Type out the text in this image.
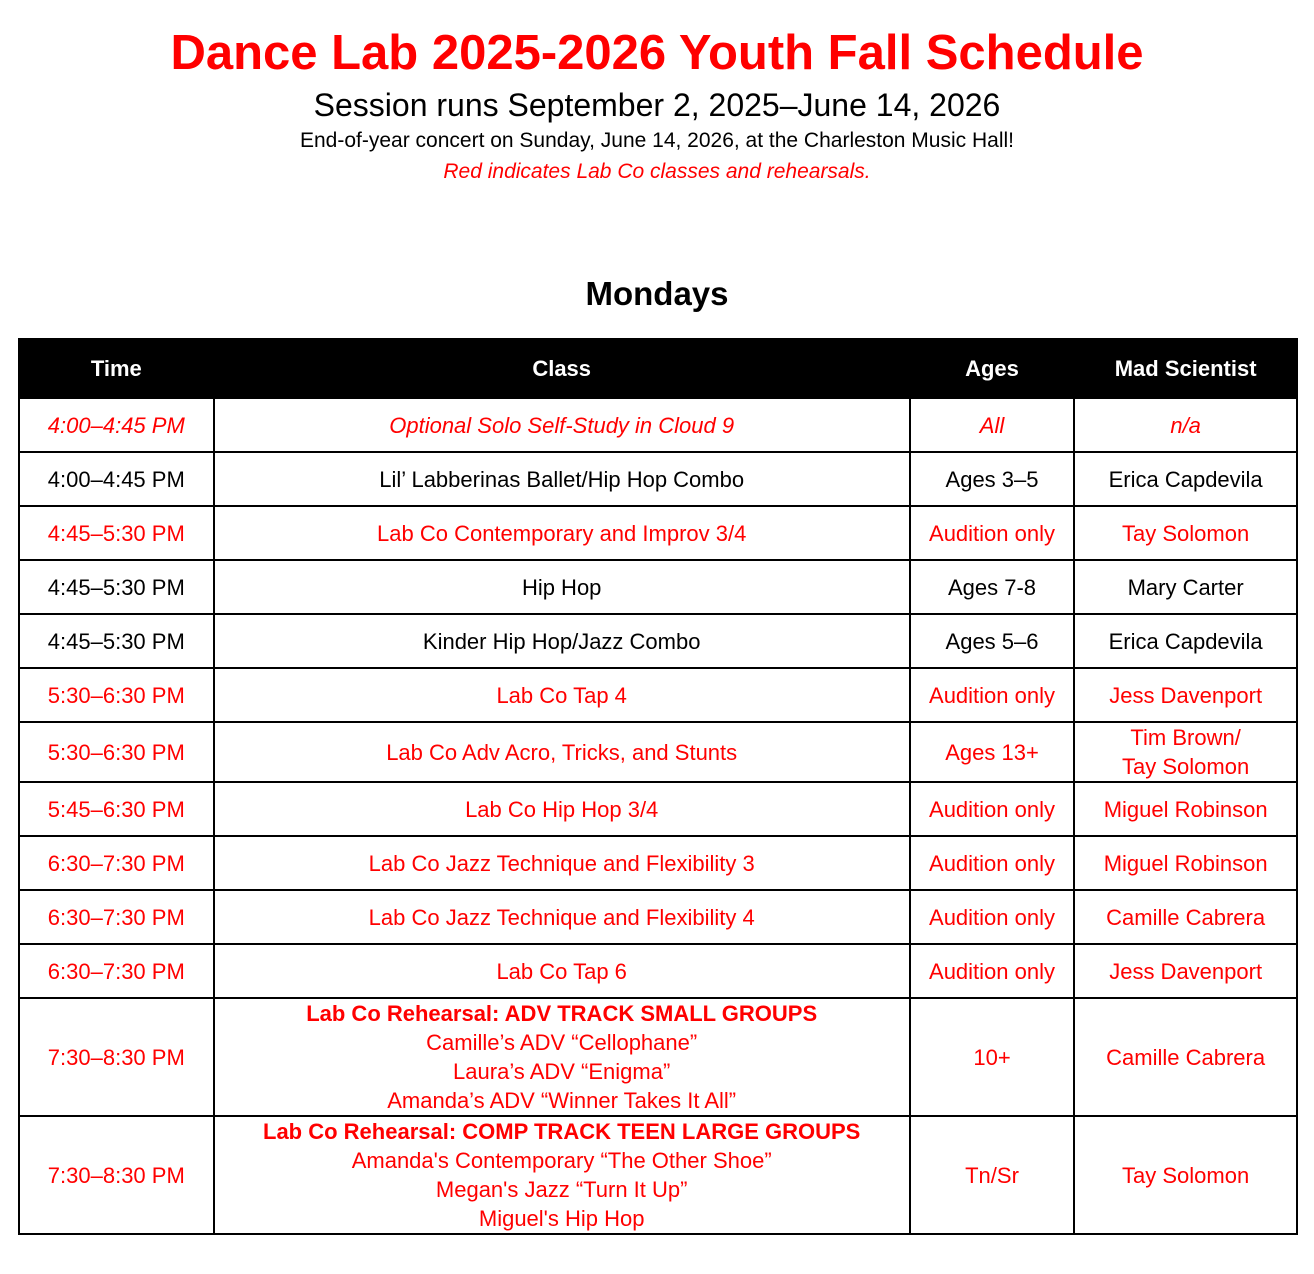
Dance Lab 2025-2026 Youth Fall Schedule

Session runs September 2, 2025–June 14, 2026

End-of-year concert on Sunday, June 14, 2026, at the Charleston Music Hall!

Red indicates Lab Co classes and rehearsals.

Mondays
Time	Class	Ages	Mad Scientist
4:00–4:45 PM	Optional Solo Self-Study in Cloud 9	All	n/a

4:00–4:45 PM	Lil’ Labberinas Ballet/Hip Hop Combo	Ages 3–5	Erica Capdevila

4:45–5:30 PM	Lab Co Contemporary and Improv 3/4	Audition only	Tay Solomon

4:45–5:30 PM	Hip Hop	Ages 7-8	Mary Carter

4:45–5:30 PM	Kinder Hip Hop/Jazz Combo	Ages 5–6	Erica Capdevila

5:30–6:30 PM	Lab Co Tap 4	Audition only	Jess Davenport

5:30–6:30 PM	Lab Co Adv Acro, Tricks, and Stunts	Ages 13+	Tim Brown/
Tay Solomon

5:45–6:30 PM	Lab Co Hip Hop 3/4	Audition only	Miguel Robinson

6:30–7:30 PM	Lab Co Jazz Technique and Flexibility 3	Audition only	Miguel Robinson

6:30–7:30 PM	Lab Co Jazz Technique and Flexibility 4	Audition only	Camille Cabrera

6:30–7:30 PM	Lab Co Tap 6	Audition only	Jess Davenport

7:30–8:30 PM	Lab Co Rehearsal: ADV TRACK SMALL GROUPS
Camille’s ADV “Cellophane”
Laura’s ADV “Enigma”
Amanda’s ADV “Winner Takes It All”	10+	Camille Cabrera

7:30–8:30 PM	Lab Co Rehearsal: COMP TRACK TEEN LARGE GROUPS
Amanda's Contemporary “The Other Shoe”
Megan's Jazz “Turn It Up”
Miguel's Hip Hop	Tn/Sr	Tay Solomon
